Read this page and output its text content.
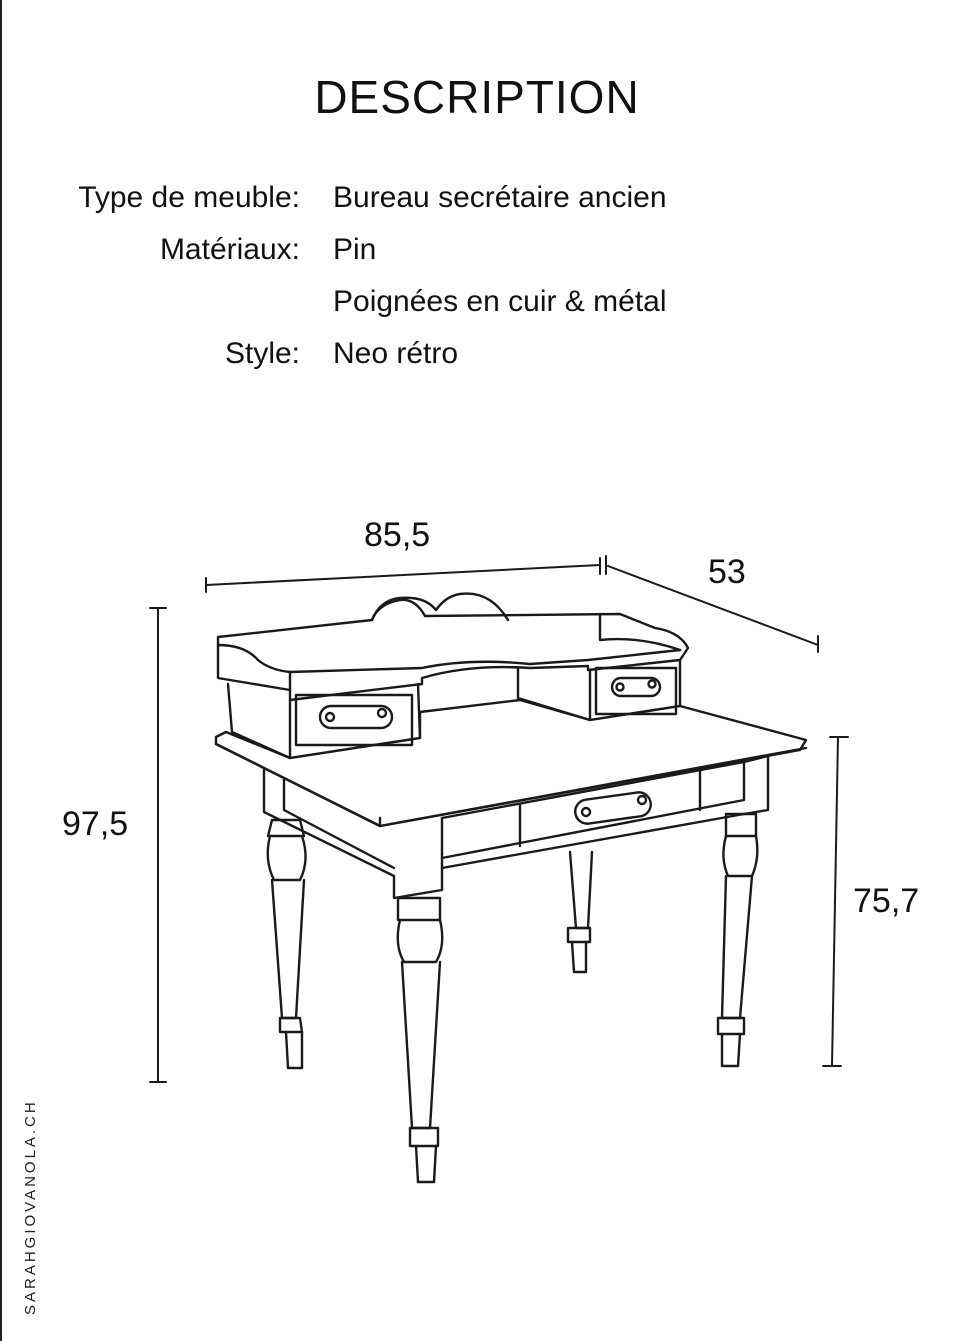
DESCRIPTION
Type de meuble: Bureau secrétaire ancien
Matériaux: Pin
Poignées en cuir & métal
Style: Neo rétro
85,5
53
97,5
75,7
SARAHGIOVANOLA.CH
